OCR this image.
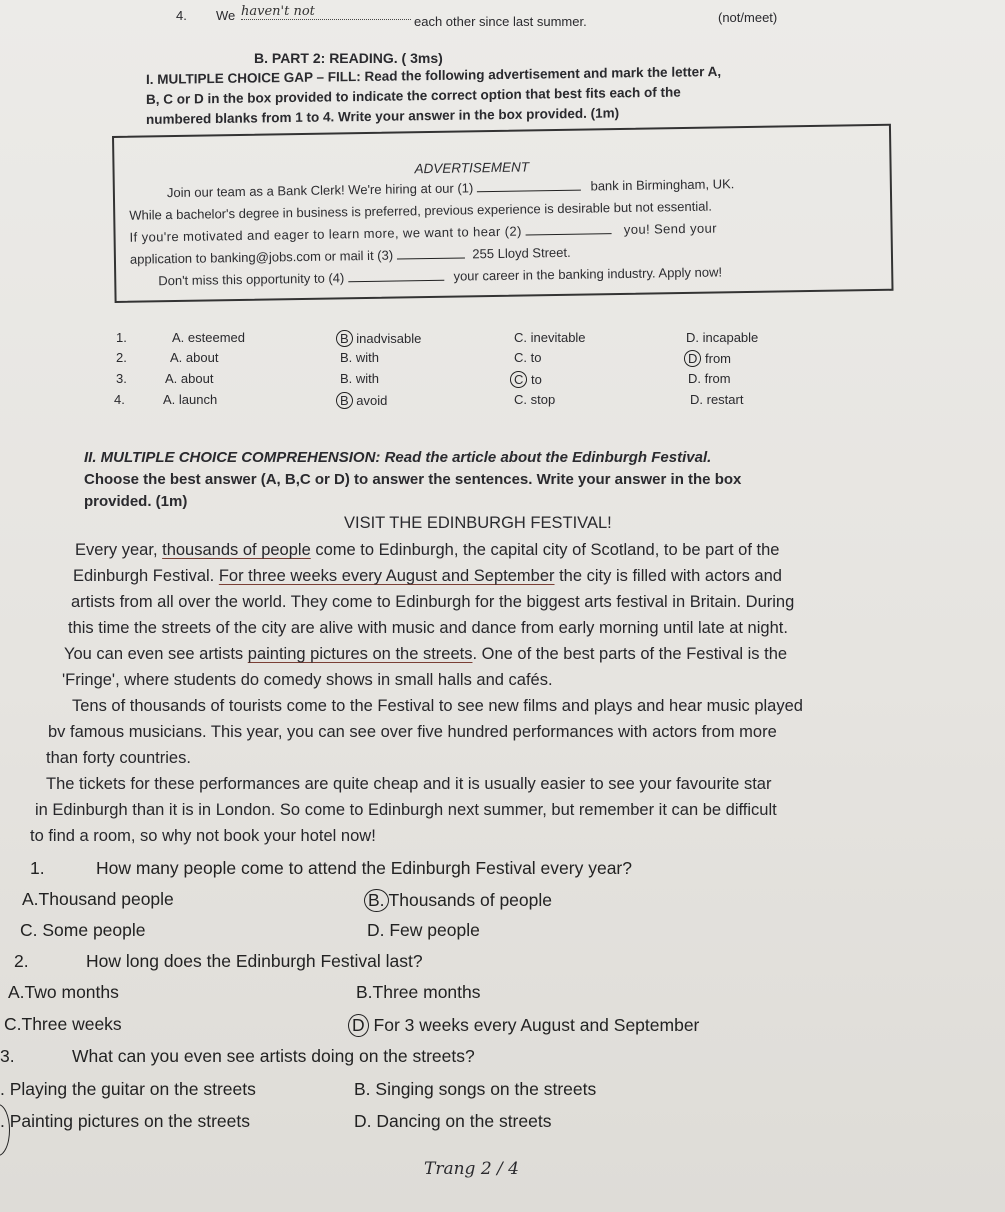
4. We haven't not
each other since last summer.	(not/meet)
B. PART 2: READING. ( 3ms)
I. MULTIPLE CHOICE GAP – FILL: Read the following advertisement and mark the letter A,
B, C or D in the box provided to indicate the correct option that best fits each of the
numbered blanks from 1 to 4. Write your answer in the box provided. (1m)
ADVERTISEMENT
Join our team as a Bank Clerk! We're hiring at our (1)	bank in Birmingham, UK.
While a bachelor's degree in business is preferred, previous experience is desirable but not essential.
If you're motivated and eager to learn more, we want to hear (2)	you! Send your
application to banking@jobs.com or mail it (3)	255 Lloyd Street.
Don't miss this opportunity to (4)	your career in the banking industry. Apply now!
1.	A. esteemed	B inadvisable	C. inevitable	D. incapable
2.	A. about	B. with	C. to	D from
3.	A. about	B. with	C to	D. from
4.	A. launch	B avoid	C. stop	D. restart
II. MULTIPLE CHOICE COMPREHENSION: Read the article about the Edinburgh Festival.
Choose the best answer (A, B,C or D) to answer the sentences. Write your answer in the box
provided. (1m)
VISIT THE EDINBURGH FESTIVAL!
Every year, thousands of people come to Edinburgh, the capital city of Scotland, to be part of the
Edinburgh Festival. For three weeks every August and September the city is filled with actors and
artists from all over the world. They come to Edinburgh for the biggest arts festival in Britain. During
this time the streets of the city are alive with music and dance from early morning until late at night.
You can even see artists painting pictures on the streets. One of the best parts of the Festival is the
'Fringe', where students do comedy shows in small halls and cafés.
Tens of thousands of tourists come to the Festival to see new films and plays and hear music played
bv famous musicians. This year, you can see over five hundred performances with actors from more
than forty countries.
The tickets for these performances are quite cheap and it is usually easier to see your favourite star
in Edinburgh than it is in London. So come to Edinburgh next summer, but remember it can be difficult
to find a room, so why not book your hotel now!
1.	How many people come to attend the Edinburgh Festival every year?
A.Thousand people	B. Thousands of people
C. Some people	D. Few people
2.	How long does the Edinburgh Festival last?
A.Two months	B.Three months
C.Three weeks	D For 3 weeks every August and September
3.	What can you even see artists doing on the streets?
. Playing the guitar on the streets	B. Singing songs on the streets
. Painting pictures on the streets	D. Dancing on the streets
Trang 2 / 4
